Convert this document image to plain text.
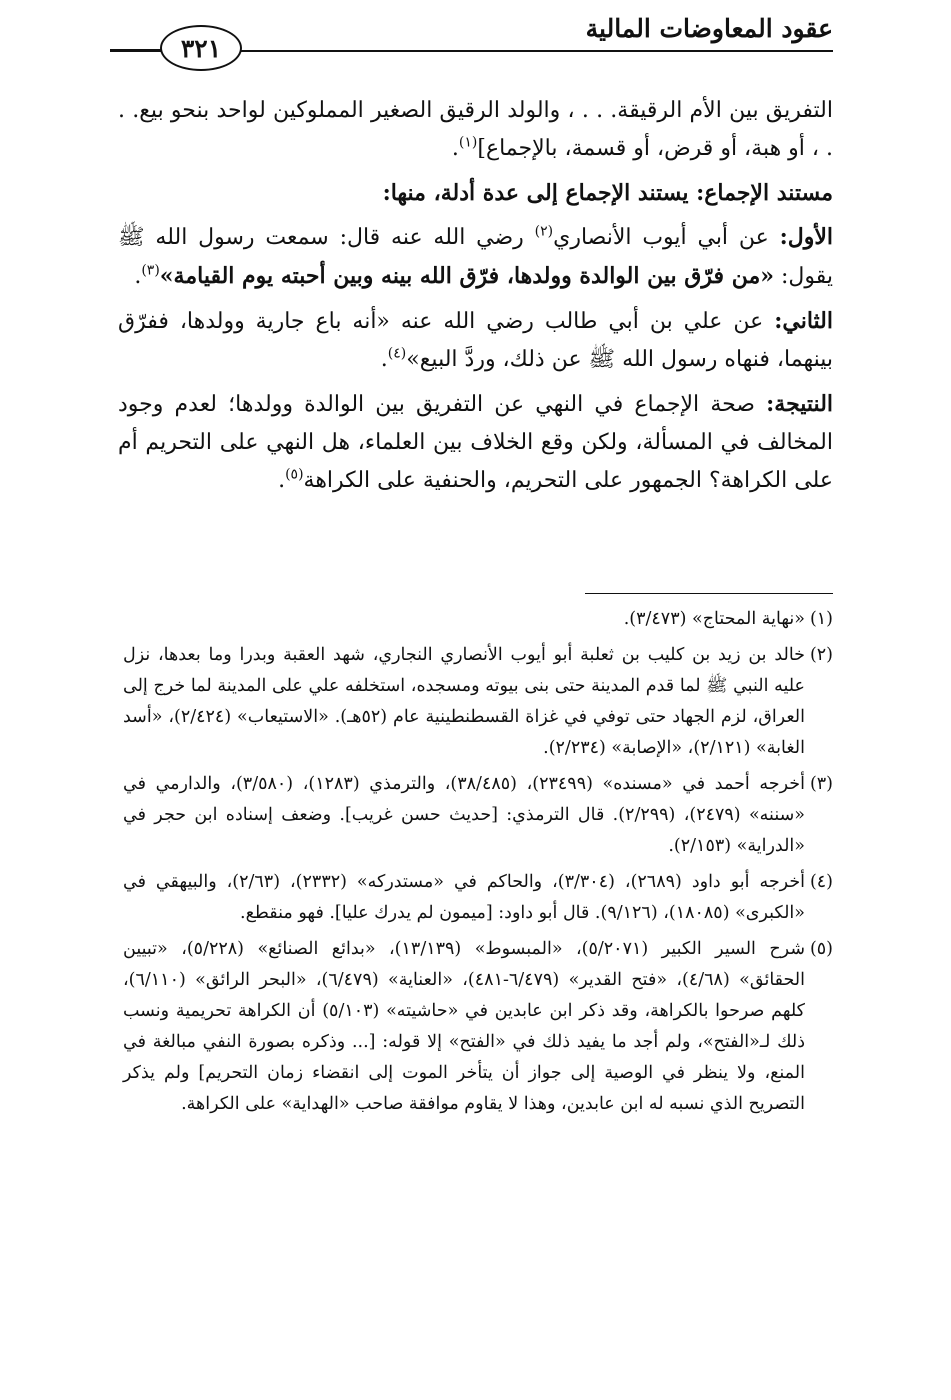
عقود المعاوضات المالية
٣٢١

التفريق بين الأم الرقيقة. . . ، والولد الرقيق الصغير المملوكين لواحد بنحو بيع. . . ، أو هبة، أو قرض، أو قسمة، بالإجماع]$^{(١)}$.

مستند الإجماع: يستند الإجماع إلى عدة أدلة، منها:

الأول: عن أبي أيوب الأنصاري$^{(٢)}$ رضي الله عنه قال: سمعت رسول الله ﷺ يقول: «من فرّق بين الوالدة وولدها، فرّق الله بينه وبين أحبته يوم القيامة»$^{(٣)}$.

الثاني: عن علي بن أبي طالب رضي الله عنه «أنه باع جارية وولدها، ففرّق بينهما، فنهاه رسول الله ﷺ عن ذلك، وردَّ البيع»$^{(٤)}$.

النتيجة: صحة الإجماع في النهي عن التفريق بين الوالدة وولدها؛ لعدم وجود المخالف في المسألة، ولكن وقع الخلاف بين العلماء، هل النهي على التحريم أم على الكراهة؟ الجمهور على التحريم، والحنفية على الكراهة$^{(٥)}$.

(١)
«نهاية المحتاج» (٣/٤٧٣).
(٢)
خالد بن زيد بن كليب بن ثعلبة أبو أيوب الأنصاري النجاري، شهد العقبة وبدرا وما بعدها، نزل عليه النبي ﷺ لما قدم المدينة حتى بنى بيوته ومسجده، استخلفه علي على المدينة لما خرج إلى العراق، لزم الجهاد حتى توفي في غزاة القسطنطينية عام (٥٢هـ). «الاستيعاب» (٢/٤٢٤)، «أسد الغابة» (٢/١٢١)، «الإصابة» (٢/٢٣٤).
(٣)
أخرجه أحمد في «مسنده» (٢٣٤٩٩)، (٣٨/٤٨٥)، والترمذي (١٢٨٣)، (٣/٥٨٠)، والدارمي في «سننه» (٢٤٧٩)، (٢/٢٩٩). قال الترمذي: [حديث حسن غريب]. وضعف إسناده ابن حجر في «الدراية» (٢/١٥٣).
(٤)
أخرجه أبو داود (٢٦٨٩)، (٣/٣٠٤)، والحاكم في «مستدركه» (٢٣٣٢)، (٢/٦٣)، والبيهقي في «الكبرى» (١٨٠٨٥)، (٩/١٢٦). قال أبو داود: [ميمون لم يدرك عليا]. فهو منقطع.
(٥)
شرح السير الكبير (٥/٢٠٧١)، «المبسوط» (١٣/١٣٩)، «بدائع الصنائع» (٥/٢٢٨)، «تبيين الحقائق» (٤/٦٨)، «فتح القدير» (٦/٤٧٩-٤٨١)، «العناية» (٦/٤٧٩)، «البحر الرائق» (٦/١١٠)، كلهم صرحوا بالكراهة، وقد ذكر ابن عابدين في «حاشيته» (٥/١٠٣) أن الكراهة تحريمية ونسب ذلك لـ«الفتح»، ولم أجد ما يفيد ذلك في «الفتح» إلا قوله: [... وذكره بصورة النفي مبالغة في المنع، ولا ينظر في الوصية إلى جواز أن يتأخر الموت إلى انقضاء زمان التحريم] ولم يذكر التصريح الذي نسبه له ابن عابدين، وهذا لا يقاوم موافقة صاحب «الهداية» على الكراهة.
